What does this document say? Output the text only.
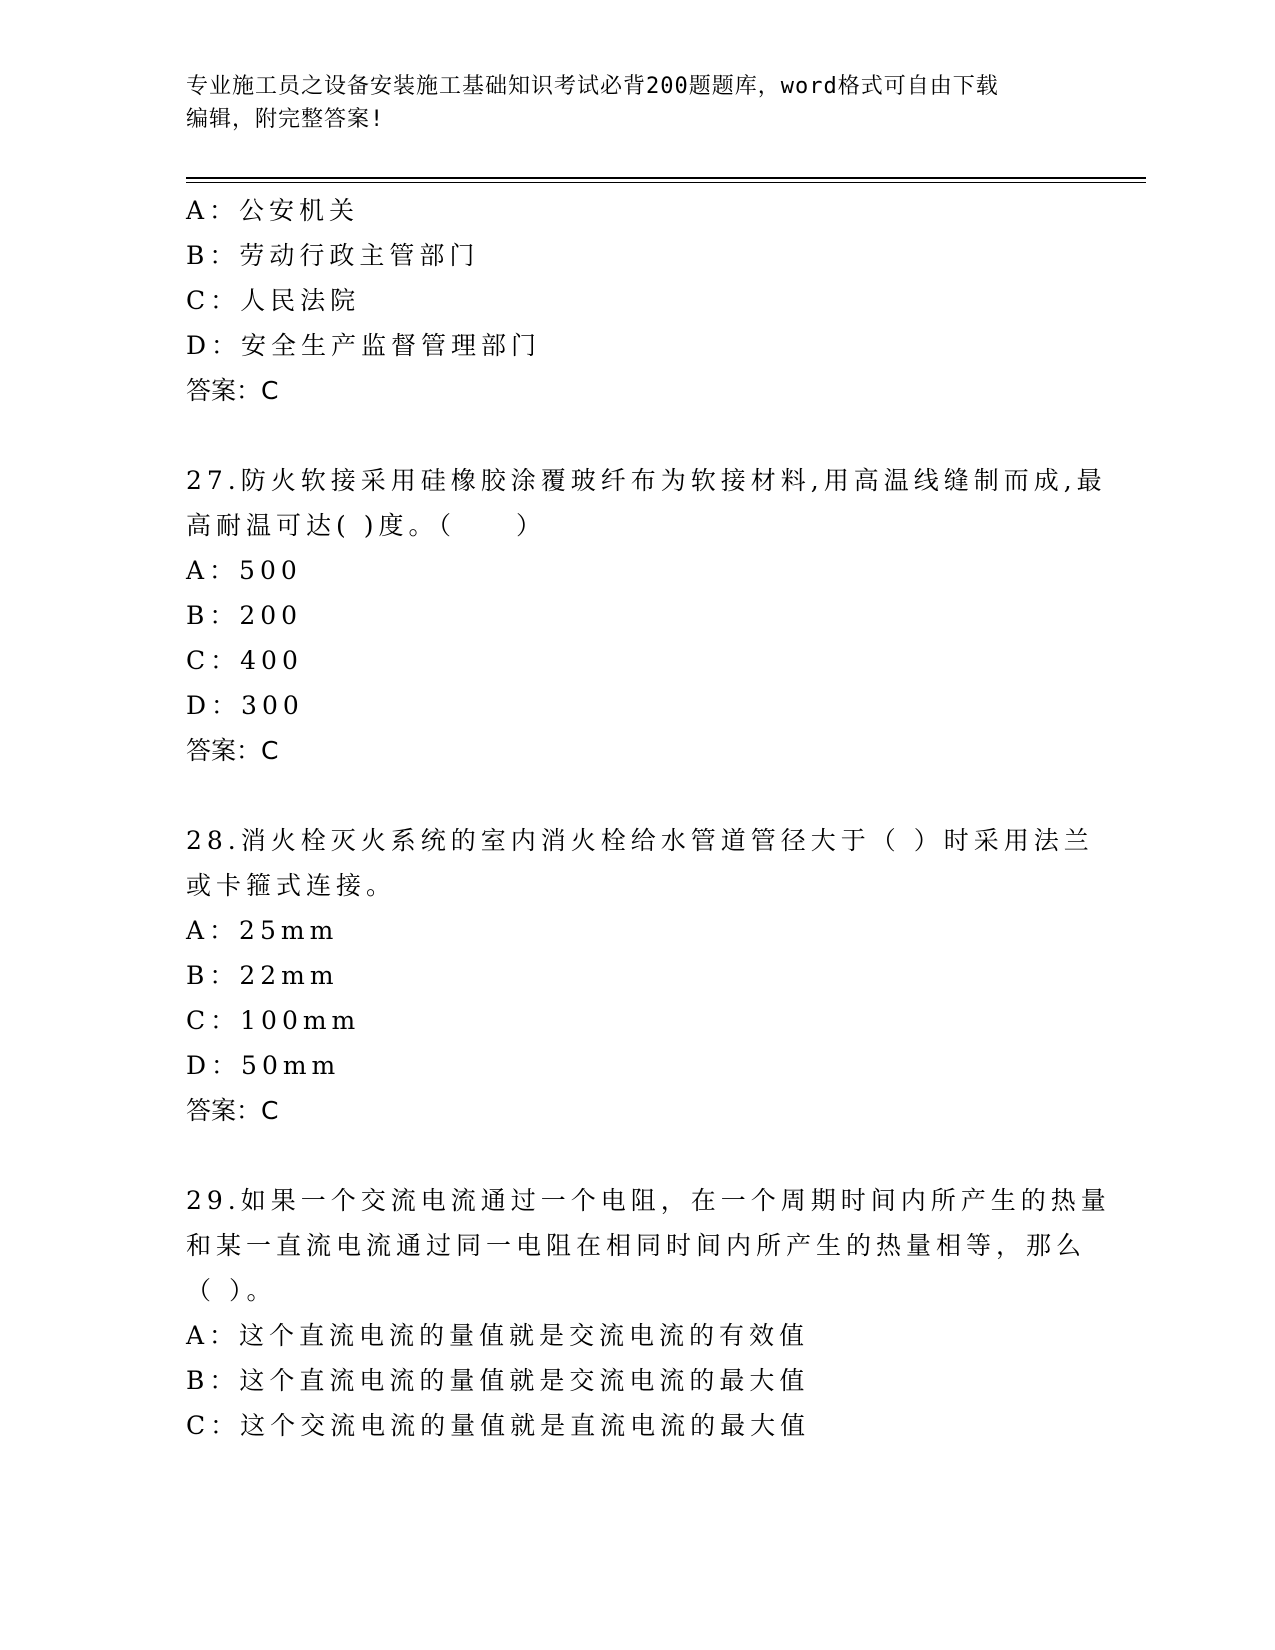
专业施工员之设备安装施工基础知识考试必背200题题库，word格式可自由下载
编辑，附完整答案!
A：公安机关
B：劳动行政主管部门
C：人民法院
D：安全生产监督管理部门
答案：C
27.防火软接采用硅橡胶涂覆玻纤布为软接材料,用高温线缝制而成,最
高耐温可达( )度。（　　）
A：500
B：200
C：400
D：300
答案：C
28.消火栓灭火系统的室内消火栓给水管道管径大于（ ）时采用法兰
或卡箍式连接。
A：25mm
B：22mm
C：100mm
D：50mm
答案：C
29.如果一个交流电流通过一个电阻，在一个周期时间内所产生的热量
和某一直流电流通过同一电阻在相同时间内所产生的热量相等，那么
（ ）。
A：这个直流电流的量值就是交流电流的有效值
B：这个直流电流的量值就是交流电流的最大值
C：这个交流电流的量值就是直流电流的最大值
